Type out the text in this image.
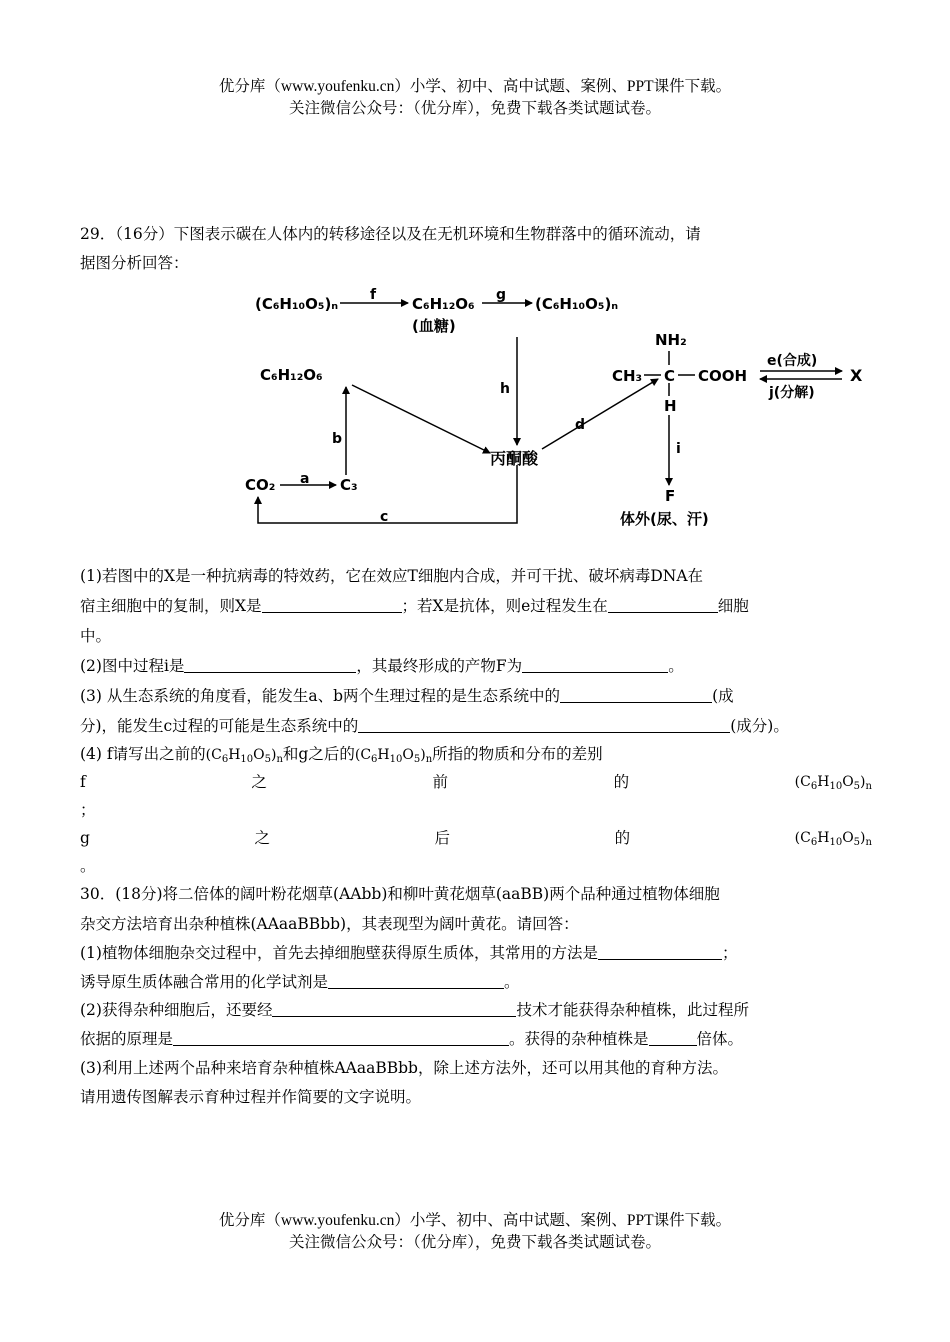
优分库（www.youfenku.cn）小学、初中、高中试题、案例、PPT课件下载。
关注微信公众号：（优分库），免费下载各类试题试卷。
29．（16分）下图表示碳在人体内的转移途径以及在无机环境和生物群落中的循环流动，请
据图分析回答：
(C₆H₁₀O₅)ₙ	C₆H₁₂O₆
(血糖)
(C₆H₁₀O₅)ₙ
C₆H₁₂O₆
CO₂	C₃
丙酮酸
NH₂
CH₃ C COOH
H
e(合成)
j(分解)
X
F
体外(尿、汗)
a
b
c
d
f	g
h
i
(1)若图中的X是一种抗病毒的特效药，它在效应T细胞内合成，并可干扰、破坏病毒DNA在
宿主细胞中的复制，则X是	；若X是抗体，则e过程发生在	细胞
中。
(2)图中过程i是	，其最终形成的产物F为	。
(3) 从生态系统的角度看，能发生a、b两个生理过程的是生态系统中的	(成
分)，能发生c过程的可能是生态系统中的	(成分)。
(4) f请写出之前的$(C_6H_{10}O_5)_n$和g之后的$(C_6H_{10}O_5)_n$所指的物质和分布的差别
f	之	前	的	$(C_6H_{10}O_5)_n$
；
g	之	后	的	$(C_6H_{10}O_5)_n$
。
30．(18分)将二倍体的阔叶粉花烟草(AAbb)和柳叶黄花烟草(aaBB)两个品种通过植物体细胞
杂交方法培育出杂种植株(AAaaBBbb)，其表现型为阔叶黄花。请回答：
(1)植物体细胞杂交过程中，首先去掉细胞壁获得原生质体，其常用的方法是	；
诱导原生质体融合常用的化学试剂是	。
(2)获得杂种细胞后，还要经	技术才能获得杂种植株，此过程所
依据的原理是	。获得的杂种植株是	倍体。
(3)利用上述两个品种来培育杂种植株AAaaBBbb，除上述方法外，还可以用其他的育种方法。
请用遗传图解表示育种过程并作简要的文字说明。
优分库（www.youfenku.cn）小学、初中、高中试题、案例、PPT课件下载。
关注微信公众号：（优分库），免费下载各类试题试卷。
